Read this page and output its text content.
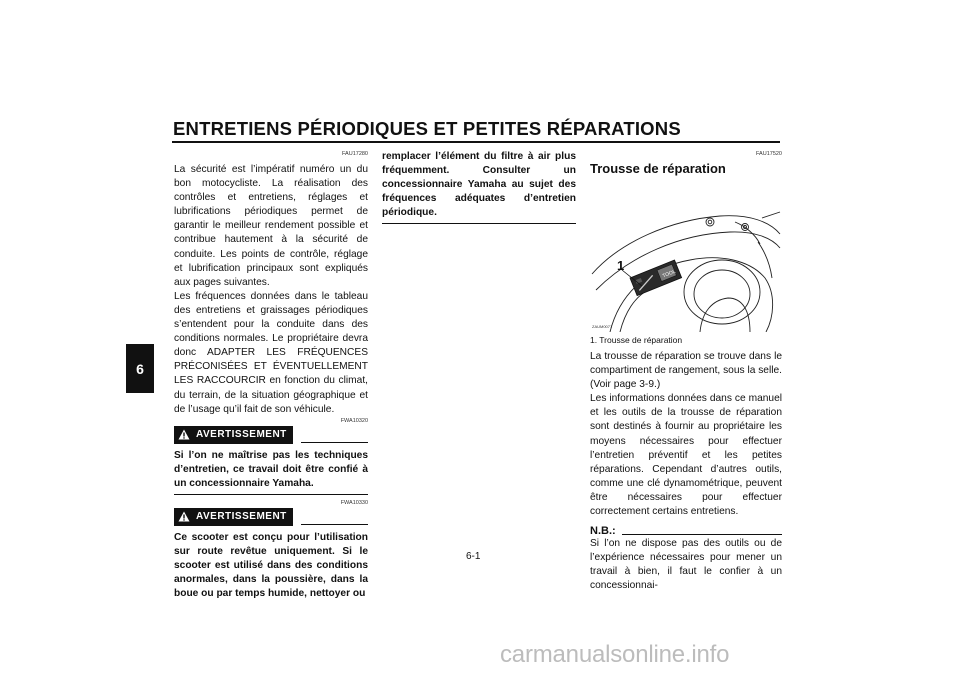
ENTRETIENS PÉRIODIQUES ET PETITES RÉPARATIONS
6
FAU17280

La sécurité est l’impératif numéro un du bon motocycliste. La réalisation des contrôles et entretiens, réglages et lubrifications périodiques permet de garantir le meilleur rendement possible et contribue hautement à la sécurité de conduite. Les points de contrôle, réglage et lubrification principaux sont expliqués aux pages suivantes.

Les fréquences données dans le tableau des entretiens et graissages périodiques s’entendent pour la conduite dans des conditions normales. Le propriétaire devra donc ADAPTER LES FRÉQUENCES PRÉCONISÉES ET ÉVENTUELLEMENT LES RACCOURCIR en fonction du climat, du terrain, de la situation géographique et de l’usage qu’il fait de son véhicule.

FWA10320
AVERTISSEMENT

Si l’on ne maîtrise pas les techniques d’entretien, ce travail doit être confié à un concessionnaire Yamaha.

FWA10330
AVERTISSEMENT

Ce scooter est conçu pour l’utilisation sur route revêtue uniquement. Si le scooter est utilisé dans des conditions anormales, dans la poussière, dans la boue ou par temps humide, nettoyer ou

remplacer l’élément du filtre à air plus fréquemment. Consulter un concessionnaire Yamaha au sujet des fréquences adéquates d’entretien périodique.

FAU17520
Trousse de réparation
TOOL
1
ZAUM0071
1. Trousse de réparation

La trousse de réparation se trouve dans le compartiment de rangement, sous la selle. (Voir page 3-9.)

Les informations données dans ce manuel et les outils de la trousse de réparation sont destinés à fournir au propriétaire les moyens nécessaires pour effectuer l’entretien préventif et les petites réparations. Cependant d’autres outils, comme une clé dynamométrique, peuvent être nécessaires pour effectuer correctement certains entretiens.

N.B.:

Si l’on ne dispose pas des outils ou de l’expérience nécessaires pour mener un travail à bien, il faut le confier à un concessionnai-

6-1
carmanualsonline.info
